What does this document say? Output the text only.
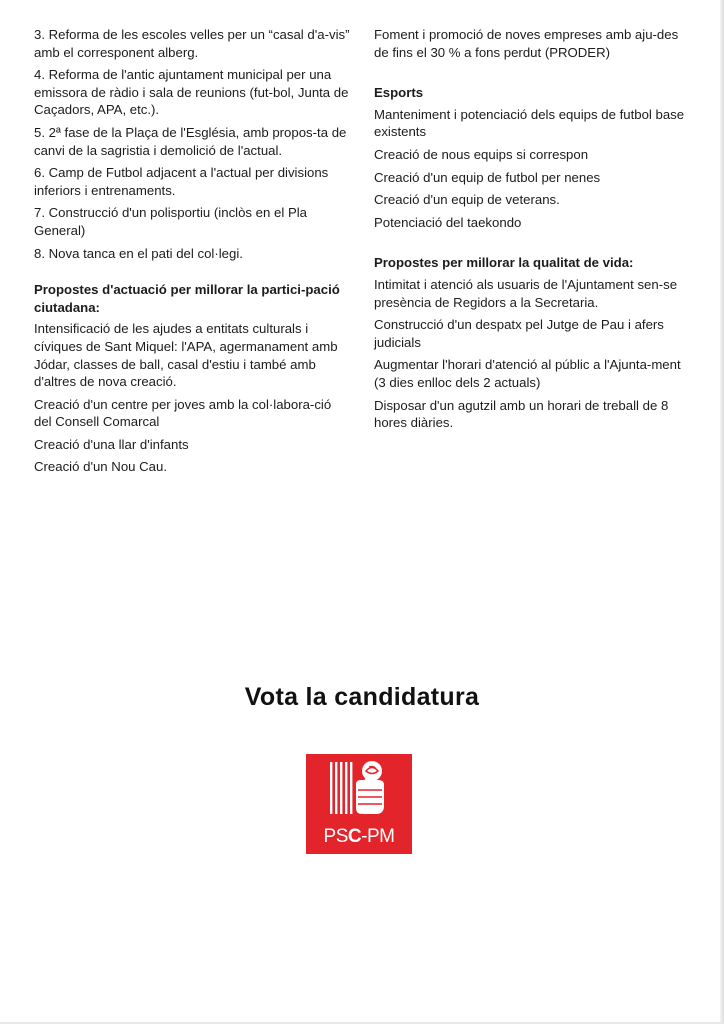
3. Reforma de les escoles velles per un “casal d'a-vis” amb el corresponent alberg.

4. Reforma de l'antic ajuntament municipal per una emissora de ràdio i sala de reunions (fut-bol, Junta de Caçadors, APA, etc.).

5. 2ª fase de la Plaça de l'Església, amb propos-ta de canvi de la sagristia i demolició de l'actual.

6. Camp de Futbol adjacent a l'actual per divisions inferiors i entrenaments.

7. Construcció d'un polisportiu (inclòs en el Pla General)

8. Nova tanca en el pati del col·legi.

Propostes d'actuació per millorar la partici-pació ciutadana:

Intensificació de les ajudes a entitats culturals i cíviques de Sant Miquel: l'APA, agermanament amb Jódar, classes de ball, casal d'estiu i també amb d'altres de nova creació.

Creació d'un centre per joves amb la col·labora-ció del Consell Comarcal

Creació d'una llar d'infants

Creació d'un Nou Cau.

Foment i promoció de noves empreses amb aju-des de fins el 30 % a fons perdut (PRODER)

Esports

Manteniment i potenciació dels equips de futbol base existents

Creació de nous equips si correspon

Creació d'un equip de futbol per nenes

Creació d'un equip de veterans.

Potenciació del taekondo

Propostes per millorar la qualitat de vida:

Intimitat i atenció als usuaris de l'Ajuntament sen-se presència de Regidors a la Secretaria.

Construcció d'un despatx pel Jutge de Pau i afers judicials

Augmentar l'horari d'atenció al públic a l'Ajunta-ment (3 dies enlloc dels 2 actuals)

Disposar d'un agutzil amb un horari de treball de 8 hores diàries.

Vota la candidatura
PSC-PM
